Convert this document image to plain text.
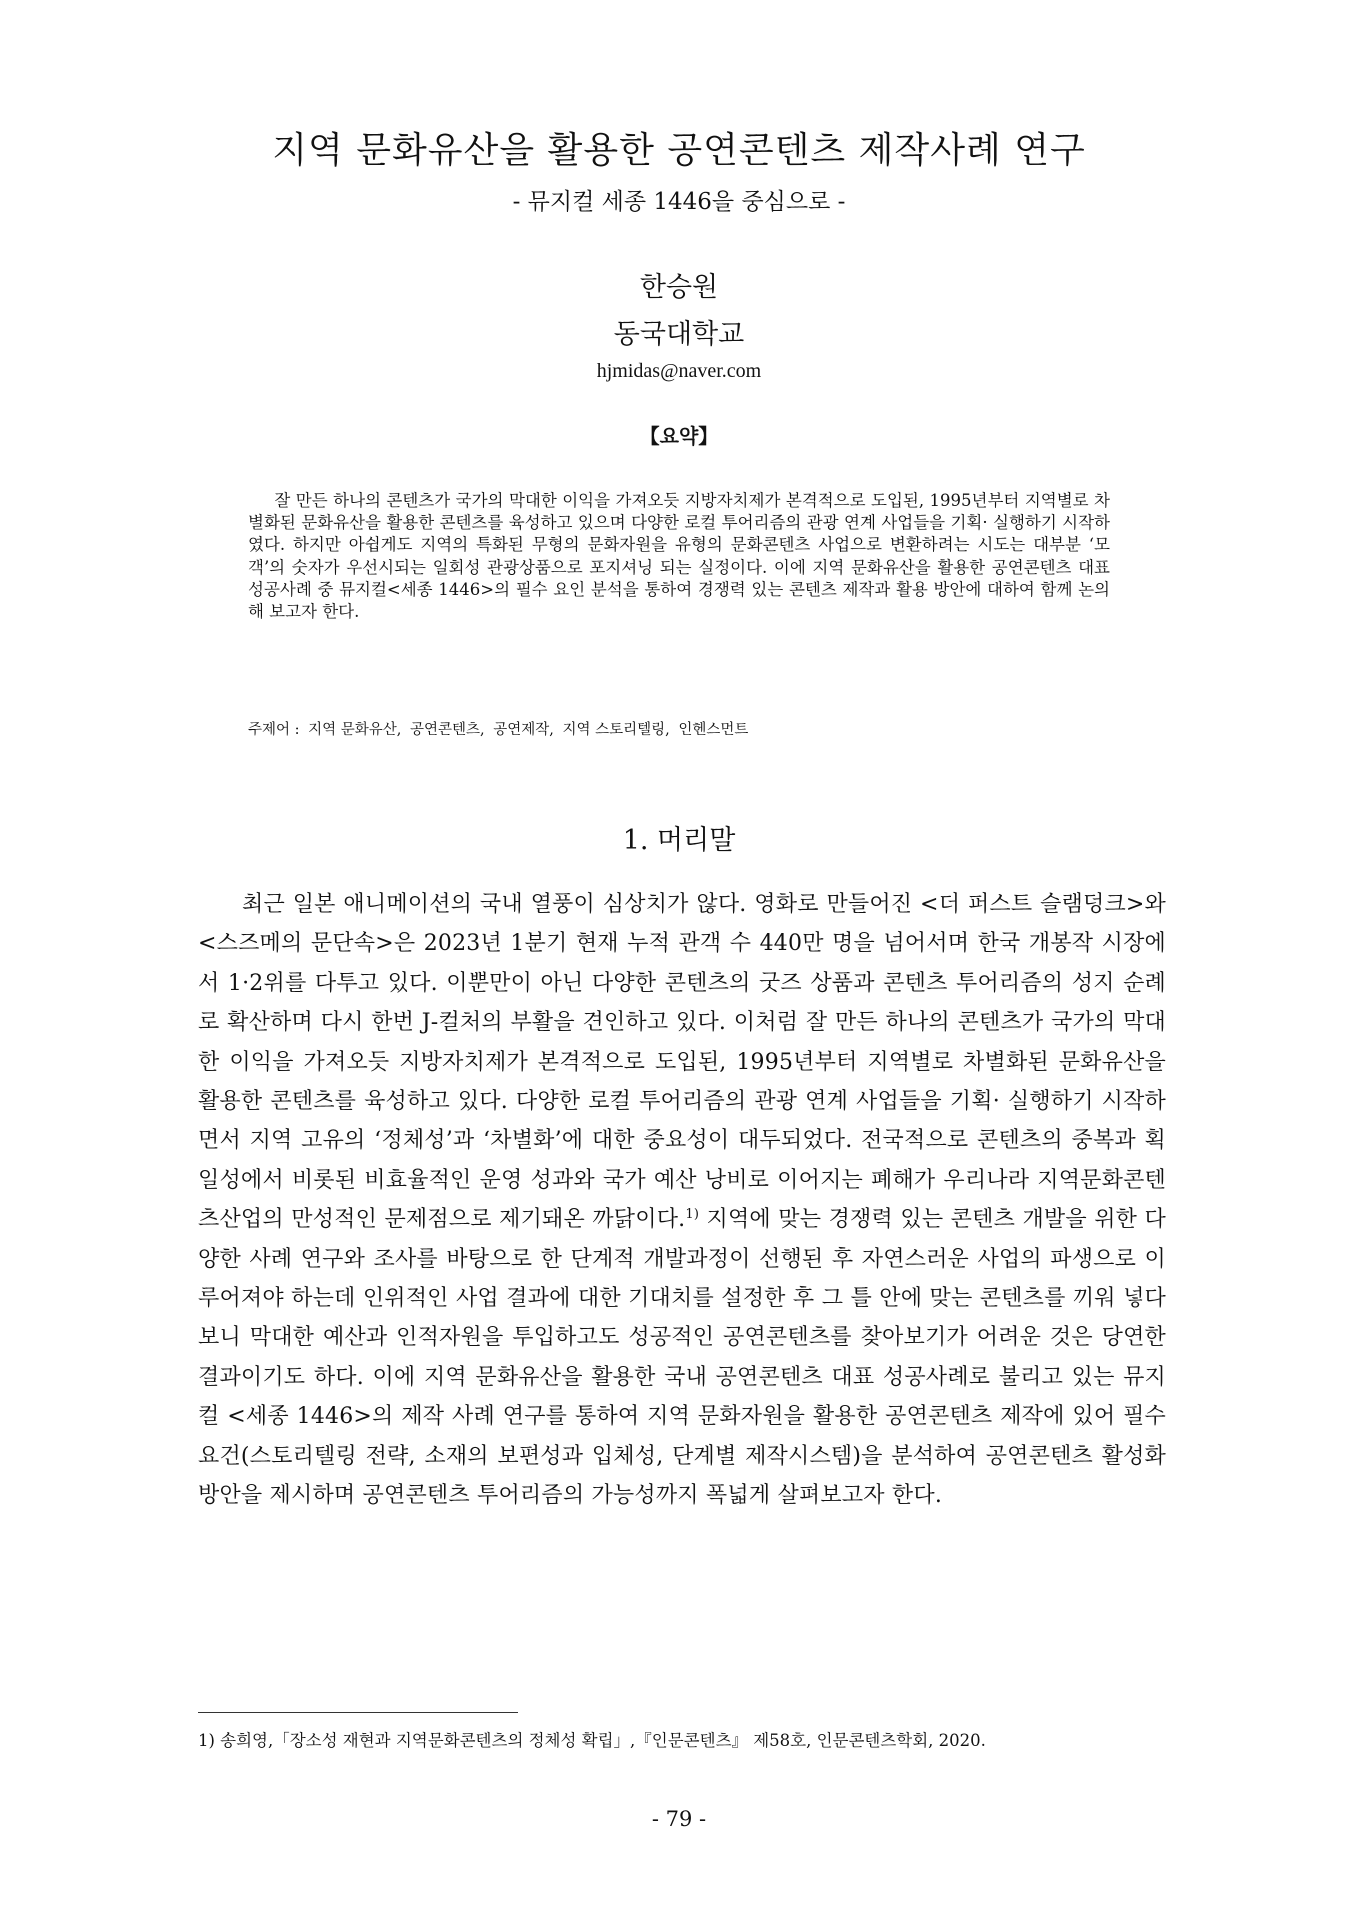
지역 문화유산을 활용한 공연콘텐츠 제작사례 연구
- 뮤지컬 세종 1446을 중심으로 -
한승원
동국대학교
hjmidas@naver.com
【요약】

잘 만든 하나의 콘텐츠가 국가의 막대한 이익을 가져오듯 지방자치제가 본격적으로 도입된, 1995년부터 지역별로 차별화된 문화유산을 활용한 콘텐츠를 육성하고 있으며 다양한 로컬 투어리즘의 관광 연계 사업들을 기획· 실행하기 시작하였다. 하지만 아쉽게도 지역의 특화된 무형의 문화자원을 유형의 문화콘텐츠 사업으로 변환하려는 시도는 대부분 ‘모객’의 숫자가 우선시되는 일회성 관광상품으로 포지셔닝 되는 실정이다. 이에 지역 문화유산을 활용한 공연콘텐츠 대표 성공사례 중 뮤지컬<세종 1446>의 필수 요인 분석을 통하여 경쟁력 있는 콘텐츠 제작과 활용 방안에 대하여 함께 논의해 보고자 한다.

주제어 : 지역 문화유산, 공연콘텐츠, 공연제작, 지역 스토리텔링, 인헨스먼트
1. 머리말

최근 일본 애니메이션의 국내 열풍이 심상치가 않다. 영화로 만들어진 <더 퍼스트 슬램덩크>와 <스즈메의 문단속>은 2023년 1분기 현재 누적 관객 수 440만 명을 넘어서며 한국 개봉작 시장에서 1·2위를 다투고 있다. 이뿐만이 아닌 다양한 콘텐츠의 굿즈 상품과 콘텐츠 투어리즘의 성지 순례로 확산하며 다시 한번 J-컬처의 부활을 견인하고 있다. 이처럼 잘 만든 하나의 콘텐츠가 국가의 막대한 이익을 가져오듯 지방자치제가 본격적으로 도입된, 1995년부터 지역별로 차별화된 문화유산을 활용한 콘텐츠를 육성하고 있다. 다양한 로컬 투어리즘의 관광 연계 사업들을 기획· 실행하기 시작하면서 지역 고유의 ‘정체성’과 ‘차별화’에 대한 중요성이 대두되었다. 전국적으로 콘텐츠의 중복과 획일성에서 비롯된 비효율적인 운영 성과와 국가 예산 낭비로 이어지는 폐해가 우리나라 지역문화콘텐츠산업의 만성적인 문제점으로 제기돼온 까닭이다.$^{1)}$ 지역에 맞는 경쟁력 있는 콘텐츠 개발을 위한 다양한 사례 연구와 조사를 바탕으로 한 단계적 개발과정이 선행된 후 자연스러운 사업의 파생으로 이루어져야 하는데 인위적인 사업 결과에 대한 기대치를 설정한 후 그 틀 안에 맞는 콘텐츠를 끼워 넣다 보니 막대한 예산과 인적자원을 투입하고도 성공적인 공연콘텐츠를 찾아보기가 어려운 것은 당연한 결과이기도 하다. 이에 지역 문화유산을 활용한 국내 공연콘텐츠 대표 성공사례로 불리고 있는 뮤지컬 <세종 1446>의 제작 사례 연구를 통하여 지역 문화자원을 활용한 공연콘텐츠 제작에 있어 필수 요건(스토리텔링 전략, 소재의 보편성과 입체성, 단계별 제작시스템)을 분석하여 공연콘텐츠 활성화 방안을 제시하며 공연콘텐츠 투어리즘의 가능성까지 폭넓게 살펴보고자 한다.

1) 송희영,「장소성 재현과 지역문화콘텐츠의 정체성 확립」,『인문콘텐츠』 제58호, 인문콘텐츠학회, 2020.
- 79 -
